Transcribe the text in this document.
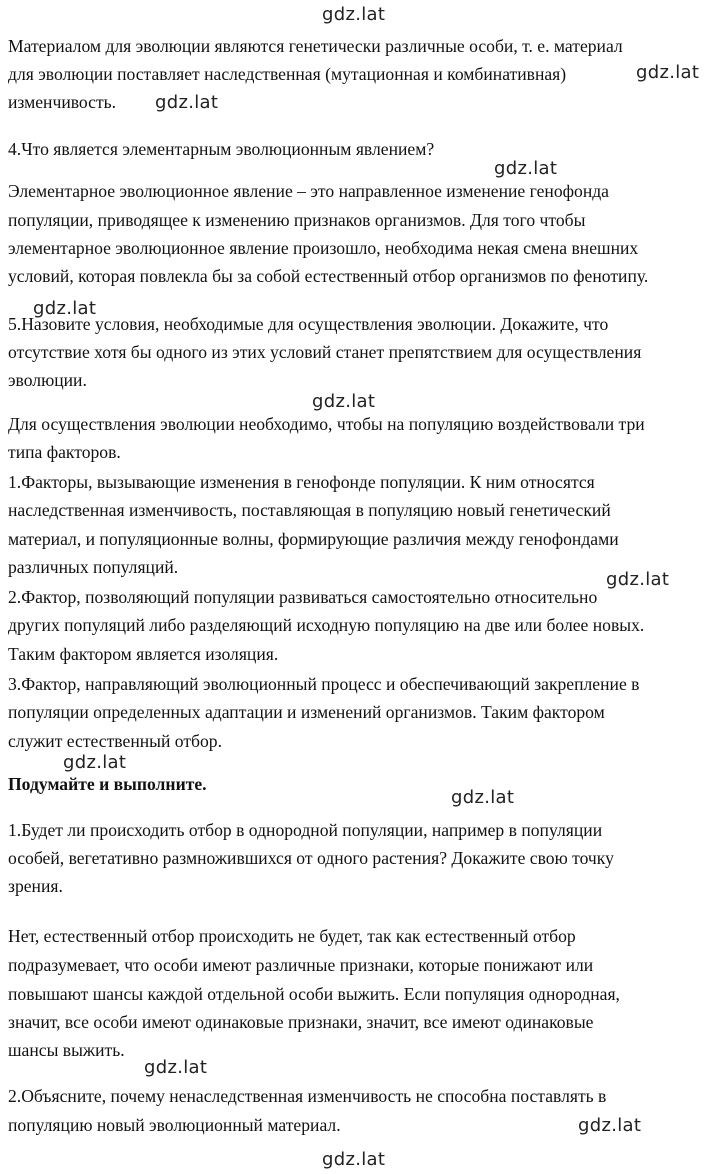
Материалом для эволюции являются генетически различные особи, т. е. материал
для эволюции поставляет наследственная (мутационная и комбинативная)
изменчивость.
4.Что является элементарным эволюционным явлением?
Элементарное эволюционное явление – это направленное изменение генофонда
популяции, приводящее к изменению признаков организмов. Для того чтобы
элементарное эволюционное явление произошло, необходима некая смена внешних
условий, которая повлекла бы за собой естественный отбор организмов по фенотипу.
5.Назовите условия, необходимые для осуществления эволюции. Докажите, что
отсутствие хотя бы одного из этих условий станет препятствием для осуществления
эволюции.
Для осуществления эволюции необходимо, чтобы на популяцию воздействовали три
типа факторов.
1.Факторы, вызывающие изменения в генофонде популяции. К ним относятся
наследственная изменчивость, поставляющая в популяцию новый генетический
материал, и популяционные волны, формирующие различия между генофондами
различных популяций.
2.Фактор, позволяющий популяции развиваться самостоятельно относительно
других популяций либо разделяющий исходную популяцию на две или более новых.
Таким фактором является изоляция.
3.Фактор, направляющий эволюционный процесс и обеспечивающий закрепление в
популяции определенных адаптации и изменений организмов. Таким фактором
служит естественный отбор.
Подумайте и выполните.
1.Будет ли происходить отбор в однородной популяции, например в популяции
особей, вегетативно размножившихся от одного растения? Докажите свою точку
зрения.
Нет, естественный отбор происходить не будет, так как естественный отбор
подразумевает, что особи имеют различные признаки, которые понижают или
повышают шансы каждой отдельной особи выжить. Если популяция однородная,
значит, все особи имеют одинаковые признаки, значит, все имеют одинаковые
шансы выжить.
2.Объясните, почему ненаследственная изменчивость не способна поставлять в
популяцию новый эволюционный материал.
gdz.lat
gdz.lat
gdz.lat
gdz.lat
gdz.lat
gdz.lat
gdz.lat
gdz.lat
gdz.lat
gdz.lat
gdz.lat
gdz.lat
